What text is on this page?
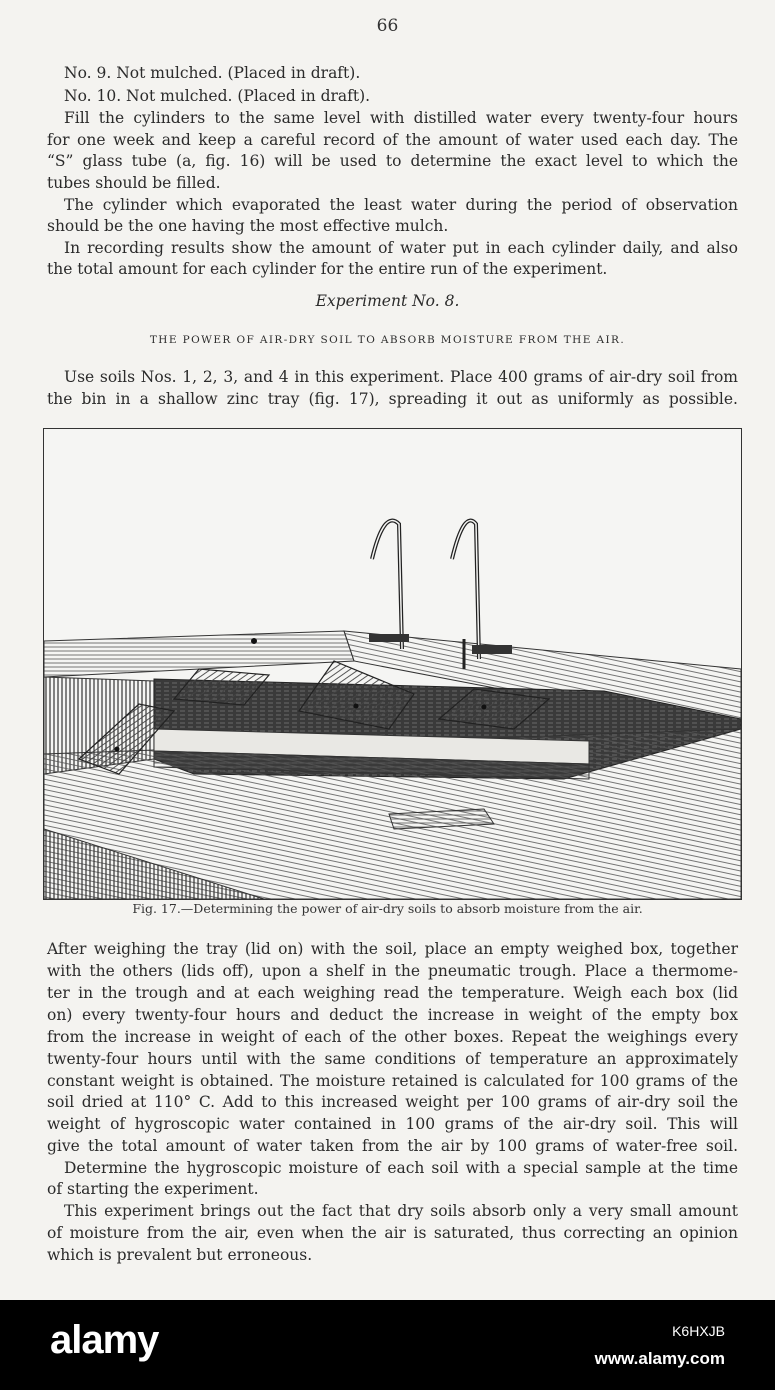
66
No. 9. Not mulched. (Placed in draft).
No. 10. Not mulched. (Placed in draft).
Fill the cylinders to the same level with distilled water every twenty-four hours
for one week and keep a careful record of the amount of water used each day. The
“S” glass tube (a, fig. 16) will be used to determine the exact level to which the
tubes should be filled.
The cylinder which evaporated the least water during the period of observation
should be the one having the most effective mulch.
In recording results show the amount of water put in each cylinder daily, and also
the total amount for each cylinder for the entire run of the experiment.
Experiment No. 8.
THE POWER OF AIR-DRY SOIL TO ABSORB MOISTURE FROM THE AIR.
Use soils Nos. 1, 2, 3, and 4 in this experiment. Place 400 grams of air-dry soil from
the bin in a shallow zinc tray (fig. 17), spreading it out as uniformly as possible.
Fig. 17.—Determining the power of air-dry soils to absorb moisture from the air.
After weighing the tray (lid on) with the soil, place an empty weighed box, together
with the others (lids off), upon a shelf in the pneumatic trough. Place a thermome-
ter in the trough and at each weighing read the temperature. Weigh each box (lid
on) every twenty-four hours and deduct the increase in weight of the empty box
from the increase in weight of each of the other boxes. Repeat the weighings every
twenty-four hours until with the same conditions of temperature an approximately
constant weight is obtained. The moisture retained is calculated for 100 grams of the
soil dried at 110° C. Add to this increased weight per 100 grams of air-dry soil the
weight of hygroscopic water contained in 100 grams of the air-dry soil. This will
give the total amount of water taken from the air by 100 grams of water-free soil.
Determine the hygroscopic moisture of each soil with a special sample at the time
of starting the experiment.
This experiment brings out the fact that dry soils absorb only a very small amount
of moisture from the air, even when the air is saturated, thus correcting an opinion
which is prevalent but erroneous.
alamy	K6HXJB
www.alamy.com
